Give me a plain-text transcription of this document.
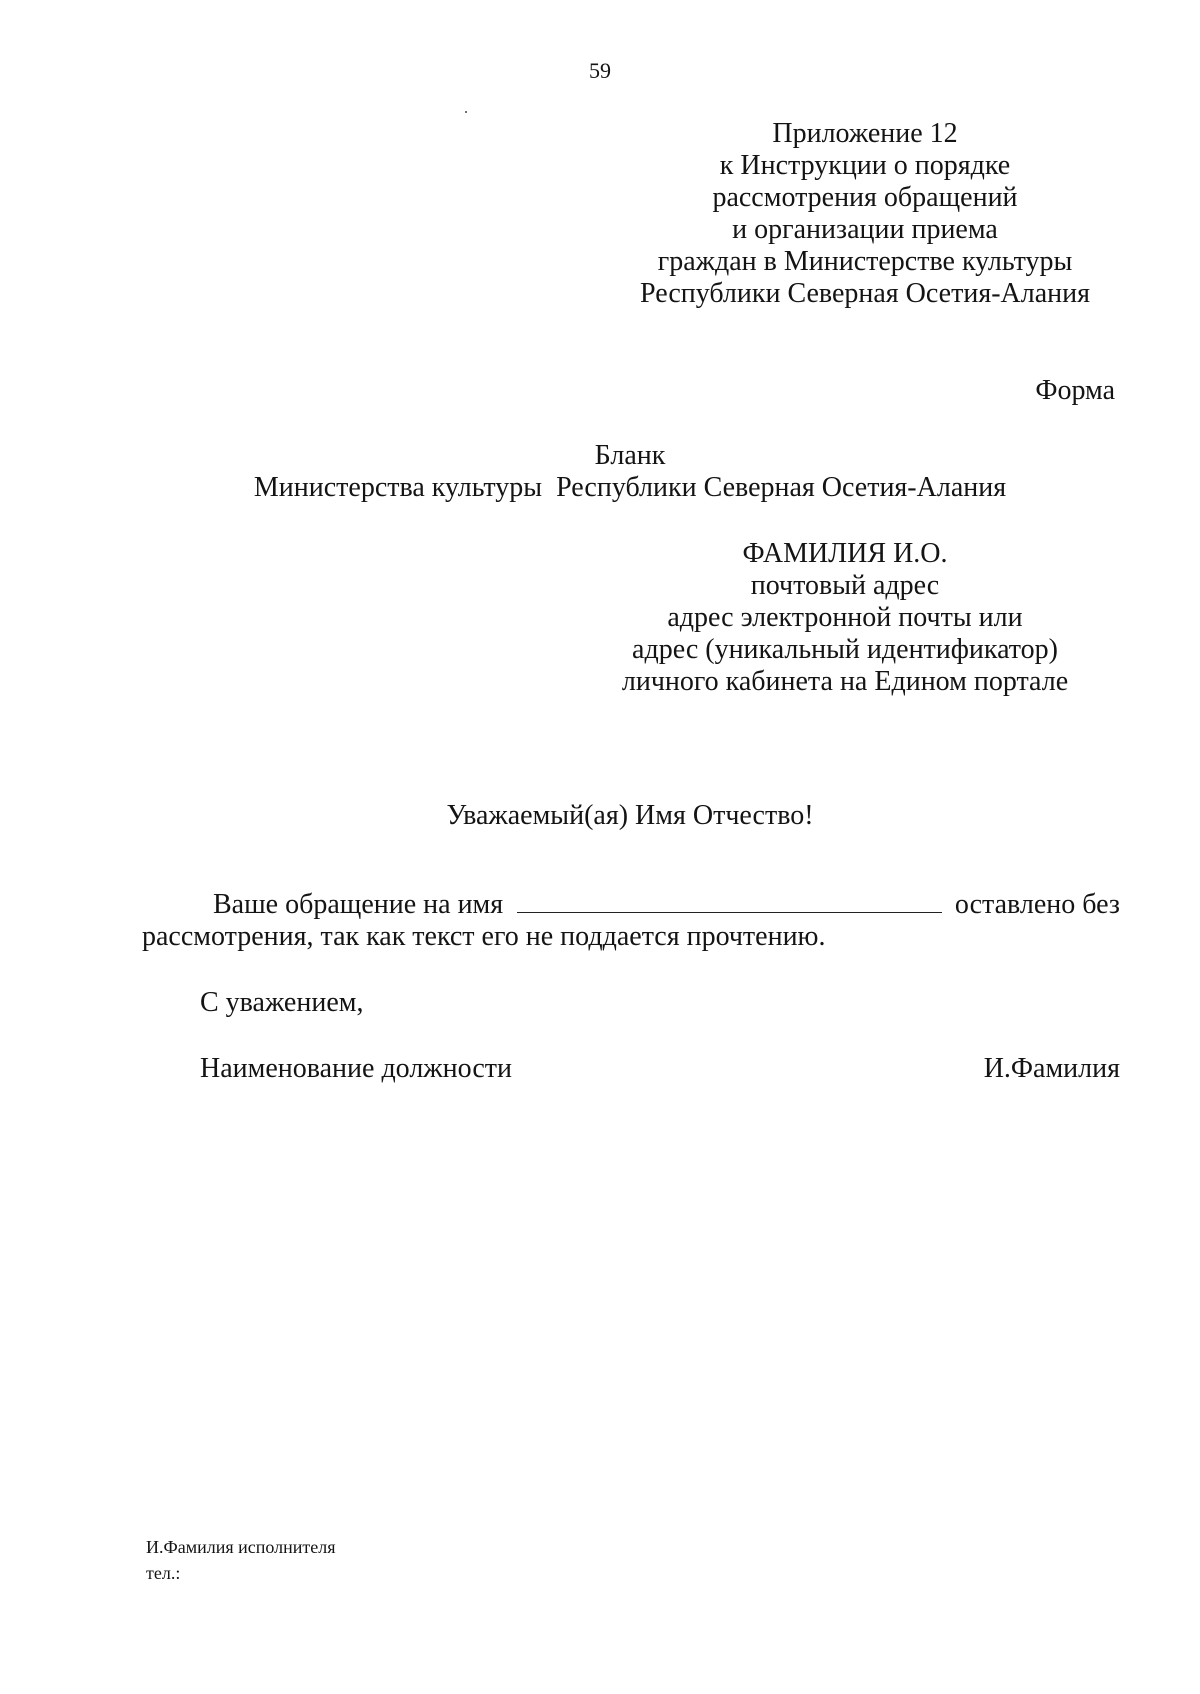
59
Приложение 12
к Инструкции о порядке
рассмотрения обращений
и организации приема
граждан в Министерстве культуры
Республики Северная Осетия-Алания
Форма
Бланк
Министерства культуры  Республики Северная Осетия-Алания
ФАМИЛИЯ И.О.
почтовый адрес
адрес электронной почты или
адрес (уникальный идентификатор)
личного кабинета на Едином портале
Уважаемый(ая) Имя Отчество!
Ваше обращение на имя	оставлено без
рассмотрения, так как текст его не поддается прочтению.
С уважением,
Наименование должности	И.Фамилия
И.Фамилия исполнителя
тел.:
